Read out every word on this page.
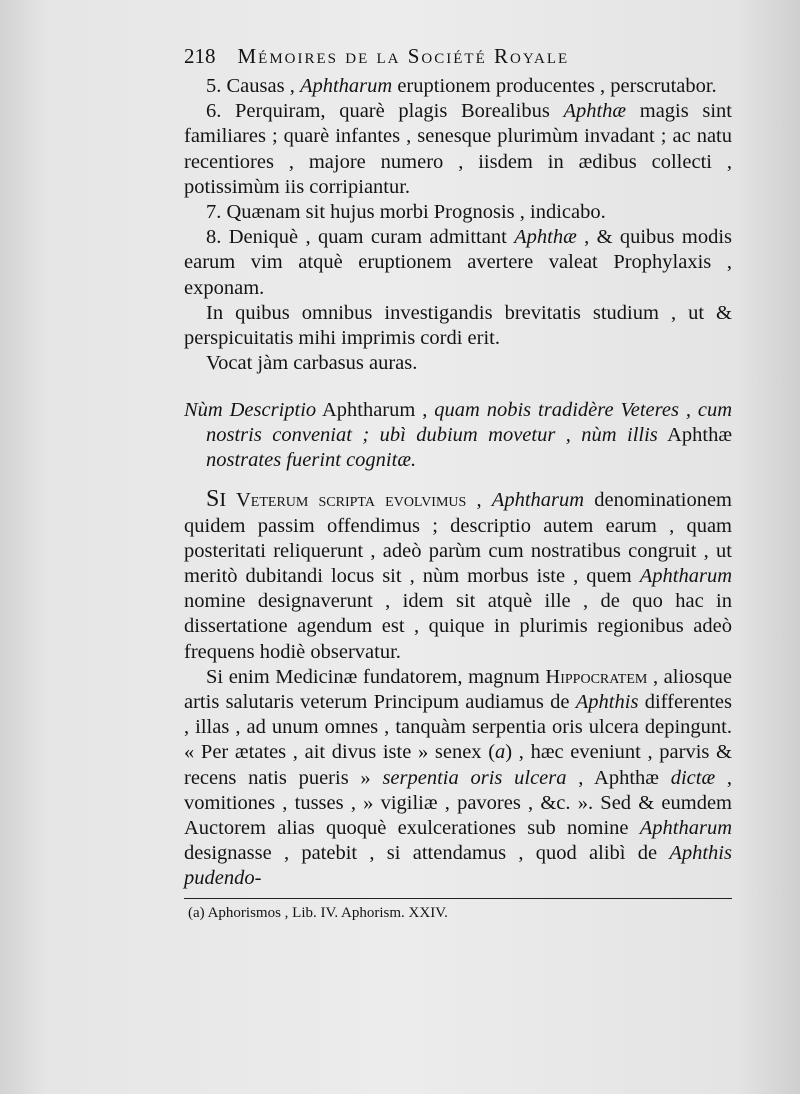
218 Mémoires de la Société Royale

5. Causas , Aphtharum eruptionem producentes , perscrutabor.

6. Perquiram, quarè plagis Borealibus Aphthæ magis sint familiares ; quarè infantes , senesque plurimùm invadant ; ac natu recentiores , majore numero , iisdem in ædibus collecti , potissimùm iis corripiantur.

7. Quænam sit hujus morbi Prognosis , indicabo.

8. Deniquè , quam curam admittant Aphthæ , & quibus modis earum vim atquè eruptionem avertere valeat Prophylaxis , exponam.

In quibus omnibus investigandis brevitatis studium , ut & perspicuitatis mihi imprimis cordi erit.

Vocat jàm carbasus auras.

Nùm Descriptio Aphtharum , quam nobis tradidère Veteres , cum nostris conveniat ; ubì dubium movetur , nùm illis Aphthæ nostrates fuerint cognitæ.

SI Veterum scripta evolvimus , Aphtharum denominationem quidem passim offendimus ; descriptio autem earum , quam posteritati reliquerunt , adeò parùm cum nostratibus congruit , ut meritò dubitandi locus sit , nùm morbus iste , quem Aphtharum nomine designaverunt , idem sit atquè ille , de quo hac in dissertatione agendum est , quique in plurimis regionibus adeò frequens hodiè observatur.

Si enim Medicinæ fundatorem, magnum Hippocratem , aliosque artis salutaris veterum Principum audiamus de Aphthis differentes , illas , ad unum omnes , tanquàm serpentia oris ulcera depingunt. « Per ætates , ait divus iste » senex (a) , hæc eveniunt , parvis & recens natis pueris » serpentia oris ulcera , Aphthæ dictæ , vomitiones , tusses , » vigiliæ , pavores , &c. ». Sed & eumdem Auctorem alias quoquè exulcerationes sub nomine Aphtharum designasse , patebit , si attendamus , quod alibì de Aphthis pudendo-

(a) Aphorismos , Lib. IV. Aphorism. XXIV.
